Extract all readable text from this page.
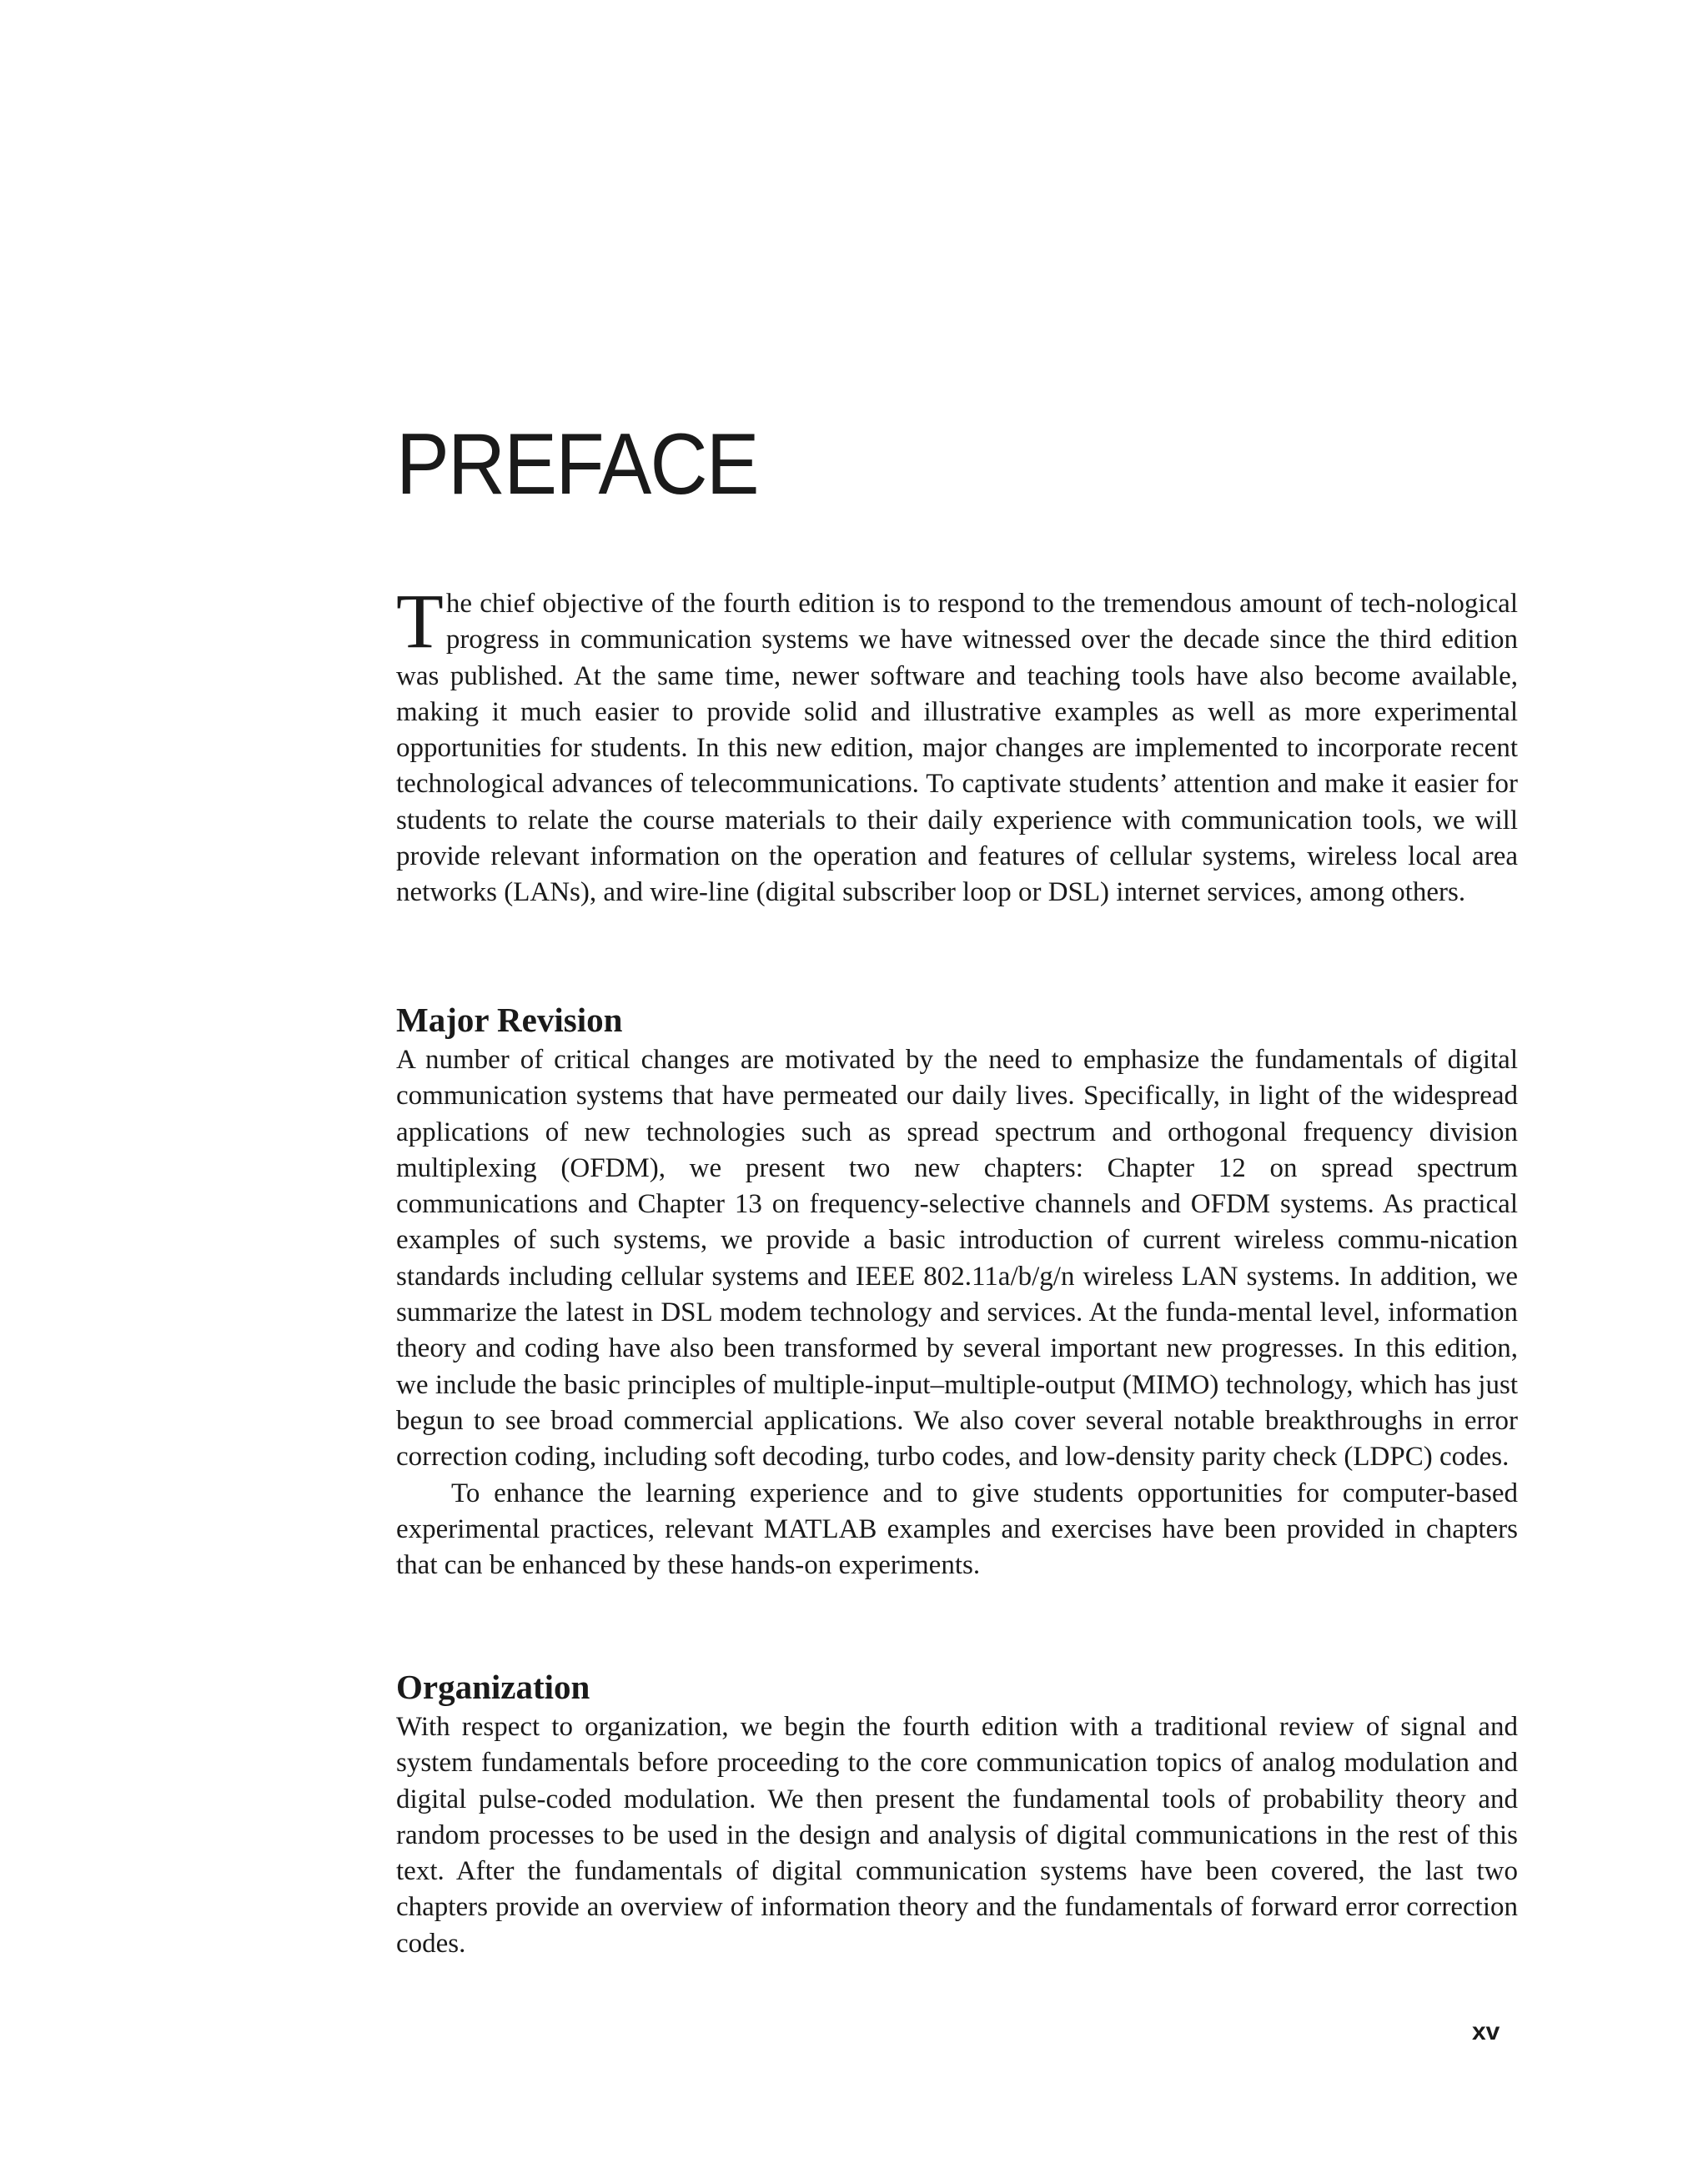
PREFACE

The chief objective of the fourth edition is to respond to the tremendous amount of tech-nological progress in communication systems we have witnessed over the decade since the third edition was published. At the same time, newer software and teaching tools have also become available, making it much easier to provide solid and illustrative examples as well as more experimental opportunities for students. In this new edition, major changes are implemented to incorporate recent technological advances of telecommunications. To captivate students’ attention and make it easier for students to relate the course materials to their daily experience with communication tools, we will provide relevant information on the operation and features of cellular systems, wireless local area networks (LANs), and wire-line (digital subscriber loop or DSL) internet services, among others.

Major Revision

A number of critical changes are motivated by the need to emphasize the fundamentals of digital communication systems that have permeated our daily lives. Specifically, in light of the widespread applications of new technologies such as spread spectrum and orthogonal frequency division multiplexing (OFDM), we present two new chapters: Chapter 12 on spread spectrum communications and Chapter 13 on frequency-selective channels and OFDM systems. As practical examples of such systems, we provide a basic introduction of current wireless commu-nication standards including cellular systems and IEEE 802.11a/b/g/n wireless LAN systems. In addition, we summarize the latest in DSL modem technology and services. At the funda-mental level, information theory and coding have also been transformed by several important new progresses. In this edition, we include the basic principles of multiple-input–multiple-output (MIMO) technology, which has just begun to see broad commercial applications. We also cover several notable breakthroughs in error correction coding, including soft decoding, turbo codes, and low-density parity check (LDPC) codes.

To enhance the learning experience and to give students opportunities for computer-based experimental practices, relevant MATLAB examples and exercises have been provided in chapters that can be enhanced by these hands-on experiments.

Organization

With respect to organization, we begin the fourth edition with a traditional review of signal and system fundamentals before proceeding to the core communication topics of analog modulation and digital pulse-coded modulation. We then present the fundamental tools of probability theory and random processes to be used in the design and analysis of digital communications in the rest of this text. After the fundamentals of digital communication systems have been covered, the last two chapters provide an overview of information theory and the fundamentals of forward error correction codes.

xv
